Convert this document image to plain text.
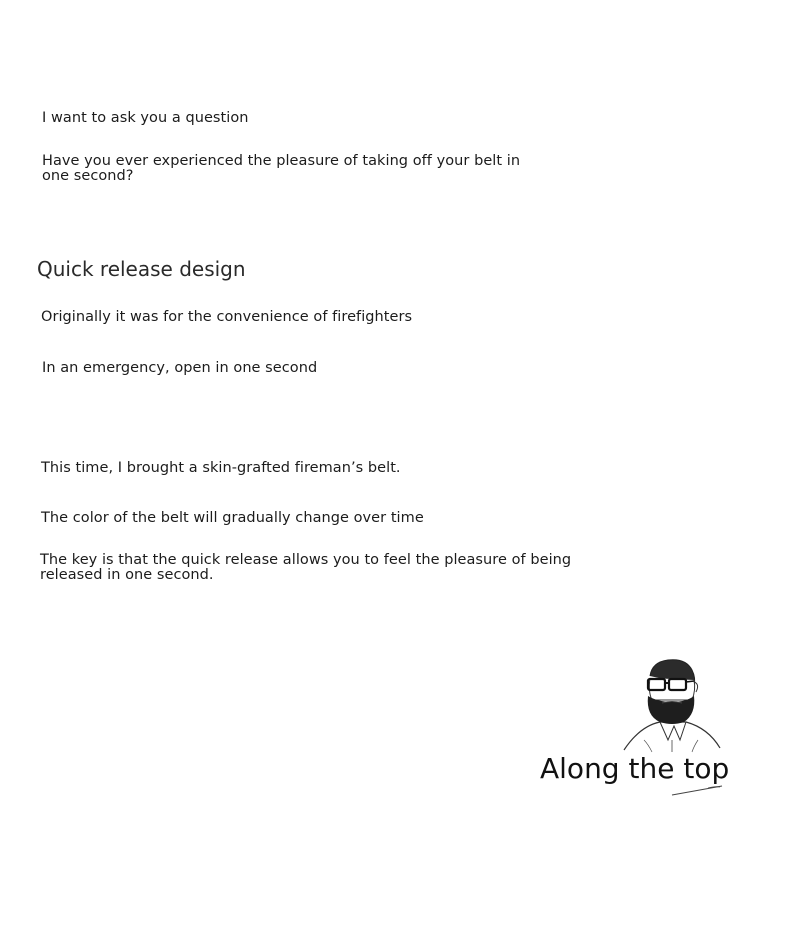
I want to ask you a question
Have you ever experienced the pleasure of taking off your belt in one second?
Quick release design
Originally it was for the convenience of firefighters
In an emergency, open in one second
This time, I brought a skin-grafted fireman’s belt.
The color of the belt will gradually change over time
The key is that the quick release allows you to feel the pleasure of being released in one second.
Along the top
